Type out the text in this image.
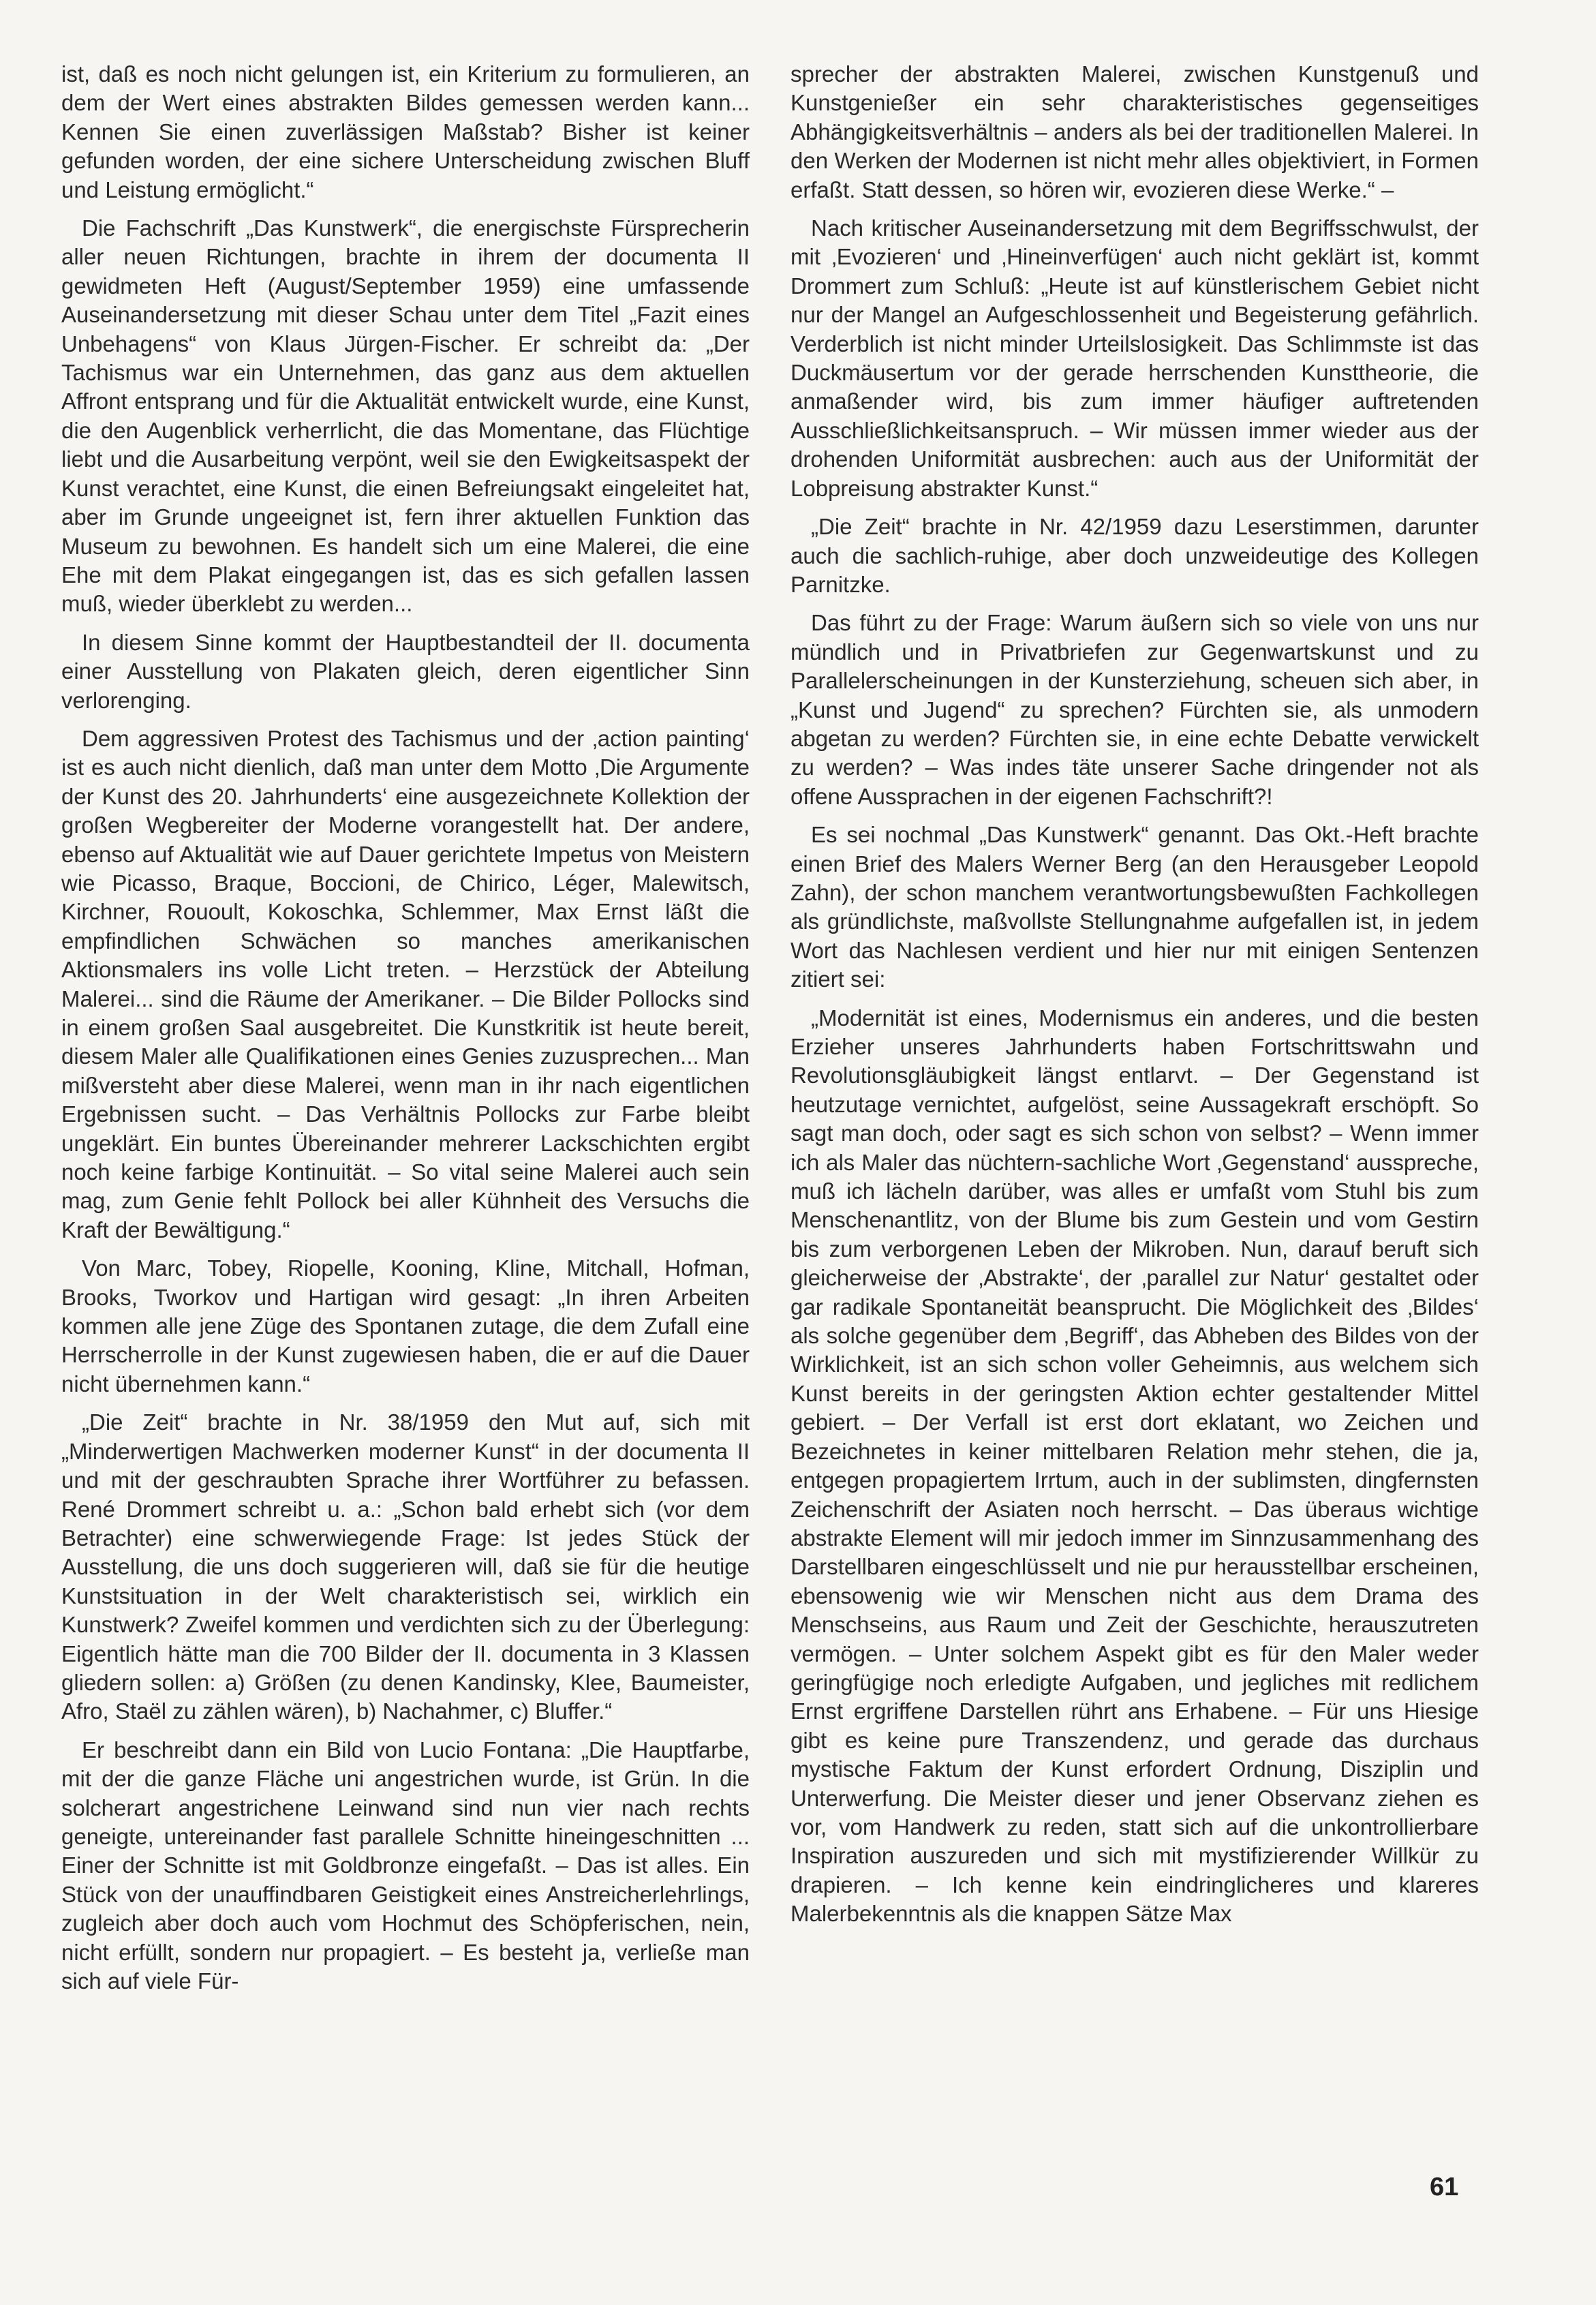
ist, daß es noch nicht gelungen ist, ein Kriterium zu formulieren, an dem der Wert eines abstrakten Bildes gemessen werden kann... Kennen Sie einen zuverlässigen Maßstab? Bisher ist keiner gefunden worden, der eine sichere Unterscheidung zwischen Bluff und Leistung ermöglicht.“

Die Fachschrift „Das Kunstwerk“, die energischste Fürsprecherin aller neuen Richtungen, brachte in ihrem der documenta II gewidmeten Heft (August/September 1959) eine umfassende Auseinandersetzung mit dieser Schau unter dem Titel „Fazit eines Unbehagens“ von Klaus Jürgen-Fischer. Er schreibt da: „Der Tachismus war ein Unternehmen, das ganz aus dem aktuellen Affront entsprang und für die Aktualität entwickelt wurde, eine Kunst, die den Augenblick verherrlicht, die das Momentane, das Flüchtige liebt und die Ausarbeitung verpönt, weil sie den Ewigkeitsaspekt der Kunst verachtet, eine Kunst, die einen Befreiungsakt eingeleitet hat, aber im Grunde ungeeignet ist, fern ihrer aktuellen Funktion das Museum zu bewohnen. Es handelt sich um eine Malerei, die eine Ehe mit dem Plakat eingegangen ist, das es sich gefallen lassen muß, wieder überklebt zu werden...

In diesem Sinne kommt der Hauptbestandteil der II. documenta einer Ausstellung von Plakaten gleich, deren eigentlicher Sinn verlorenging.

Dem aggressiven Protest des Tachismus und der ‚action painting‘ ist es auch nicht dienlich, daß man unter dem Motto ‚Die Argumente der Kunst des 20. Jahrhunderts‘ eine ausgezeichnete Kollektion der großen Wegbereiter der Moderne vorangestellt hat. Der andere, ebenso auf Aktualität wie auf Dauer gerichtete Impetus von Meistern wie Picasso, Braque, Boccioni, de Chirico, Léger, Malewitsch, Kirchner, Rouoult, Kokoschka, Schlemmer, Max Ernst läßt die empfindlichen Schwächen so manches amerikanischen Aktionsmalers ins volle Licht treten. – Herzstück der Abteilung Malerei... sind die Räume der Amerikaner. – Die Bilder Pollocks sind in einem großen Saal ausgebreitet. Die Kunstkritik ist heute bereit, diesem Maler alle Qualifikationen eines Genies zuzusprechen... Man mißversteht aber diese Malerei, wenn man in ihr nach eigentlichen Ergebnissen sucht. – Das Verhältnis Pollocks zur Farbe bleibt ungeklärt. Ein buntes Übereinander mehrerer Lackschichten ergibt noch keine farbige Kontinuität. – So vital seine Malerei auch sein mag, zum Genie fehlt Pollock bei aller Kühnheit des Versuchs die Kraft der Bewältigung.“

Von Marc, Tobey, Riopelle, Kooning, Kline, Mitchall, Hofman, Brooks, Tworkov und Hartigan wird gesagt: „In ihren Arbeiten kommen alle jene Züge des Spontanen zutage, die dem Zufall eine Herrscherrolle in der Kunst zugewiesen haben, die er auf die Dauer nicht übernehmen kann.“

„Die Zeit“ brachte in Nr. 38/1959 den Mut auf, sich mit „Minderwertigen Machwerken moderner Kunst“ in der documenta II und mit der geschraubten Sprache ihrer Wortführer zu befassen. René Drommert schreibt u. a.: „Schon bald erhebt sich (vor dem Betrachter) eine schwerwiegende Frage: Ist jedes Stück der Ausstellung, die uns doch suggerieren will, daß sie für die heutige Kunstsituation in der Welt charakteristisch sei, wirklich ein Kunstwerk? Zweifel kommen und verdichten sich zu der Überlegung: Eigentlich hätte man die 700 Bilder der II. documenta in 3 Klassen gliedern sollen: a) Größen (zu denen Kandinsky, Klee, Baumeister, Afro, Staël zu zählen wären), b) Nachahmer, c) Bluffer.“

Er beschreibt dann ein Bild von Lucio Fontana: „Die Hauptfarbe, mit der die ganze Fläche uni angestrichen wurde, ist Grün. In die solcherart angestrichene Leinwand sind nun vier nach rechts geneigte, untereinander fast parallele Schnitte hineingeschnitten ... Einer der Schnitte ist mit Goldbronze eingefaßt. – Das ist alles. Ein Stück von der unauffindbaren Geistigkeit eines Anstreicherlehrlings, zugleich aber doch auch vom Hochmut des Schöpferischen, nein, nicht erfüllt, sondern nur propagiert. – Es besteht ja, verließe man sich auf viele Für-

sprecher der abstrakten Malerei, zwischen Kunstgenuß und Kunstgenießer ein sehr charakteristisches gegenseitiges Abhängigkeitsverhältnis – anders als bei der traditionellen Malerei. In den Werken der Modernen ist nicht mehr alles objektiviert, in Formen erfaßt. Statt dessen, so hören wir, evozieren diese Werke.“ –

Nach kritischer Auseinandersetzung mit dem Begriffsschwulst, der mit ‚Evozieren‘ und ‚Hineinverfügen‘ auch nicht geklärt ist, kommt Drommert zum Schluß: „Heute ist auf künstlerischem Gebiet nicht nur der Mangel an Aufgeschlossenheit und Begeisterung gefährlich. Verderblich ist nicht minder Urteilslosigkeit. Das Schlimmste ist das Duckmäusertum vor der gerade herrschenden Kunsttheorie, die anmaßender wird, bis zum immer häufiger auftretenden Ausschließlichkeitsanspruch. – Wir müssen immer wieder aus der drohenden Uniformität ausbrechen: auch aus der Uniformität der Lobpreisung abstrakter Kunst.“

„Die Zeit“ brachte in Nr. 42/1959 dazu Leserstimmen, darunter auch die sachlich-ruhige, aber doch unzweideutige des Kollegen Parnitzke.

Das führt zu der Frage: Warum äußern sich so viele von uns nur mündlich und in Privatbriefen zur Gegenwartskunst und zu Parallelerscheinungen in der Kunsterziehung, scheuen sich aber, in „Kunst und Jugend“ zu sprechen? Fürchten sie, als unmodern abgetan zu werden? Fürchten sie, in eine echte Debatte verwickelt zu werden? – Was indes täte unserer Sache dringender not als offene Aussprachen in der eigenen Fachschrift?!

Es sei nochmal „Das Kunstwerk“ genannt. Das Okt.-Heft brachte einen Brief des Malers Werner Berg (an den Herausgeber Leopold Zahn), der schon manchem verantwortungsbewußten Fachkollegen als gründlichste, maßvollste Stellungnahme aufgefallen ist, in jedem Wort das Nachlesen verdient und hier nur mit einigen Sentenzen zitiert sei:

„Modernität ist eines, Modernismus ein anderes, und die besten Erzieher unseres Jahrhunderts haben Fortschrittswahn und Revolutionsgläubigkeit längst entlarvt. – Der Gegenstand ist heutzutage vernichtet, aufgelöst, seine Aussagekraft erschöpft. So sagt man doch, oder sagt es sich schon von selbst? – Wenn immer ich als Maler das nüchtern-sachliche Wort ‚Gegenstand‘ ausspreche, muß ich lächeln darüber, was alles er umfaßt vom Stuhl bis zum Menschenantlitz, von der Blume bis zum Gestein und vom Gestirn bis zum verborgenen Leben der Mikroben. Nun, darauf beruft sich gleicherweise der ‚Abstrakte‘, der ‚parallel zur Natur‘ gestaltet oder gar radikale Spontaneität beansprucht. Die Möglichkeit des ‚Bildes‘ als solche gegenüber dem ‚Begriff‘, das Abheben des Bildes von der Wirklichkeit, ist an sich schon voller Geheimnis, aus welchem sich Kunst bereits in der geringsten Aktion echter gestaltender Mittel gebiert. – Der Verfall ist erst dort eklatant, wo Zeichen und Bezeichnetes in keiner mittelbaren Relation mehr stehen, die ja, entgegen propagiertem Irrtum, auch in der sublimsten, dingfernsten Zeichenschrift der Asiaten noch herrscht. – Das überaus wichtige abstrakte Element will mir jedoch immer im Sinnzusammenhang des Darstellbaren eingeschlüsselt und nie pur herausstellbar erscheinen, ebensowenig wie wir Menschen nicht aus dem Drama des Menschseins, aus Raum und Zeit der Geschichte, herauszutreten vermögen. – Unter solchem Aspekt gibt es für den Maler weder geringfügige noch erledigte Aufgaben, und jegliches mit redlichem Ernst ergriffene Darstellen rührt ans Erhabene. – Für uns Hiesige gibt es keine pure Transzendenz, und gerade das durchaus mystische Faktum der Kunst erfordert Ordnung, Disziplin und Unterwerfung. Die Meister dieser und jener Observanz ziehen es vor, vom Handwerk zu reden, statt sich auf die unkontrollierbare Inspiration auszureden und sich mit mystifizierender Willkür zu drapieren. – Ich kenne kein eindringlicheres und klareres Malerbekenntnis als die knappen Sätze Max

61
